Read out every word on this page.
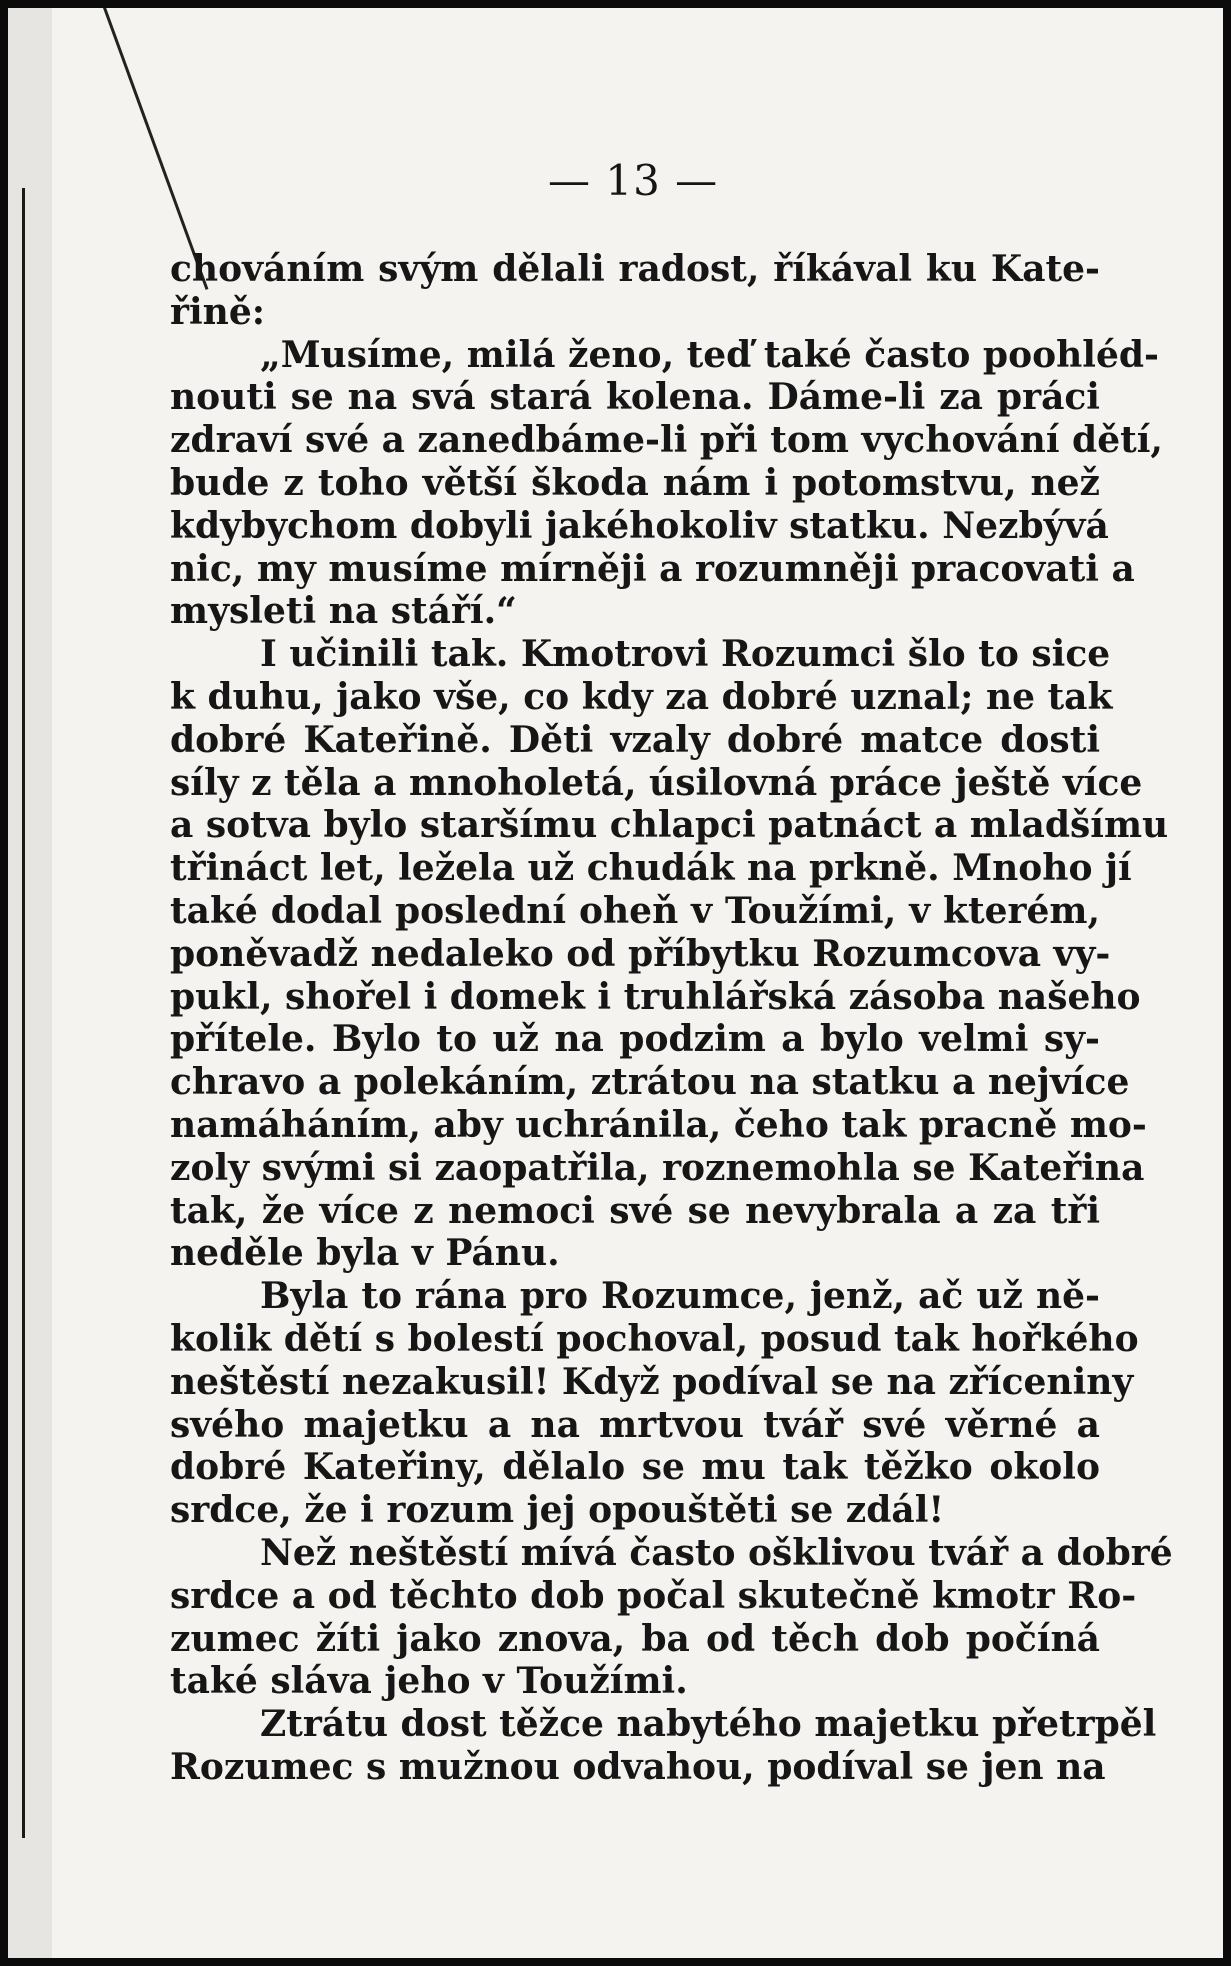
— 13 —
chováním svým dělali radost, říkával ku Kate-
řině:
„Musíme, milá ženo, teď také často poohléd-
nouti se na svá stará kolena. Dáme-li za práci
zdraví své a zanedbáme-li při tom vychování dětí,
bude z toho větší škoda nám i potomstvu, než
kdybychom dobyli jakéhokoliv statku. Nezbývá
nic, my musíme mírněji a rozumněji pracovati a
mysleti na stáří.“
I učinili tak. Kmotrovi Rozumci šlo to sice
k duhu, jako vše, co kdy za dobré uznal; ne tak
dobré Kateřině. Děti vzaly dobré matce dosti
síly z těla a mnoholetá, úsilovná práce ještě více
a sotva bylo staršímu chlapci patnáct a mladšímu
třináct let, ležela už chudák na prkně. Mnoho jí
také dodal poslední oheň v Toužími, v kterém,
poněvadž nedaleko od příbytku Rozumcova vy-
pukl, shořel i domek i truhlářská zásoba našeho
přítele. Bylo to už na podzim a bylo velmi sy-
chravo a polekáním, ztrátou na statku a nejvíce
namáháním, aby uchránila, čeho tak pracně mo-
zoly svými si zaopatřila, roznemohla se Kateřina
tak, že více z nemoci své se nevybrala a za tři
neděle byla v Pánu.
Byla to rána pro Rozumce, jenž, ač už ně-
kolik dětí s bolestí pochoval, posud tak hořkého
neštěstí nezakusil! Když podíval se na zříceniny
svého majetku a na mrtvou tvář své věrné a
dobré Kateřiny, dělalo se mu tak těžko okolo
srdce, že i rozum jej opouštěti se zdál!
Než neštěstí mívá často ošklivou tvář a dobré
srdce a od těchto dob počal skutečně kmotr Ro-
zumec žíti jako znova, ba od těch dob počíná
také sláva jeho v Toužími.
Ztrátu dost těžce nabytého majetku přetrpěl
Rozumec s mužnou odvahou, podíval se jen na
